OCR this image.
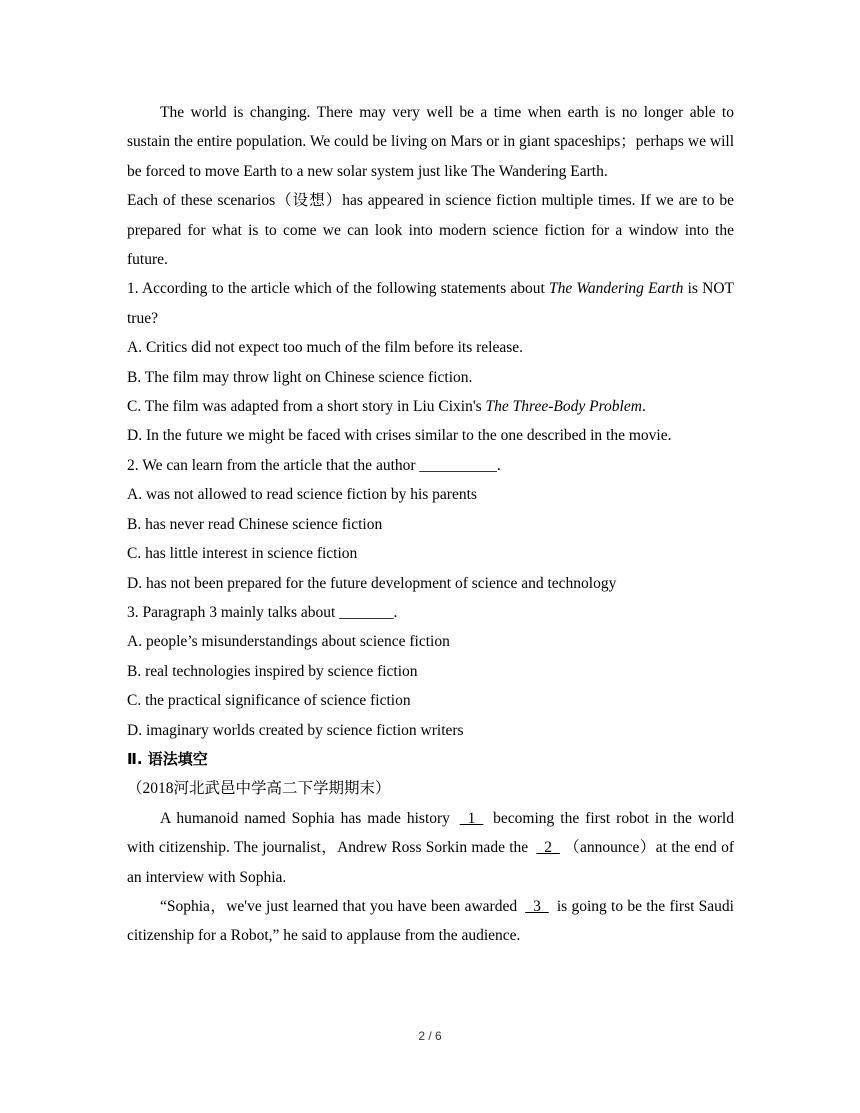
The world is changing. There may very well be a time when earth is no longer able to sustain the entire population. We could be living on Mars or in giant spaceships；perhaps we will be forced to move Earth to a new solar system just like The Wandering Earth.

Each of these scenarios（设想）has appeared in science fiction multiple times. If we are to be prepared for what is to come we can look into modern science fiction for a window into the future.

1. According to the article which of the following statements about The Wandering Earth is NOT true?

A. Critics did not expect too much of the film before its release.

B. The film may throw light on Chinese science fiction.

C. The film was adapted from a short story in Liu Cixin's The Three-Body Problem.

D. In the future we might be faced with crises similar to the one described in the movie.

2. We can learn from the article that the author __________.

A. was not allowed to read science fiction by his parents

B. has never read Chinese science fiction

C. has little interest in science fiction

D. has not been prepared for the future development of science and technology

3. Paragraph 3 mainly talks about _______.

A. people’s misunderstandings about science fiction

B. real technologies inspired by science fiction

C. the practical significance of science fiction

D. imaginary worlds created by science fiction writers

Ⅱ. 语法填空

（2018河北武邑中学高二下学期期末）

A humanoid named Sophia has made history _1_ becoming the first robot in the world with citizenship. The journalist，Andrew Ross Sorkin made the _2_ （announce）at the end of an interview with Sophia.

“Sophia，we've just learned that you have been awarded _3_ is going to be the first Saudi citizenship for a Robot,” he said to applause from the audience.

2 / 6
